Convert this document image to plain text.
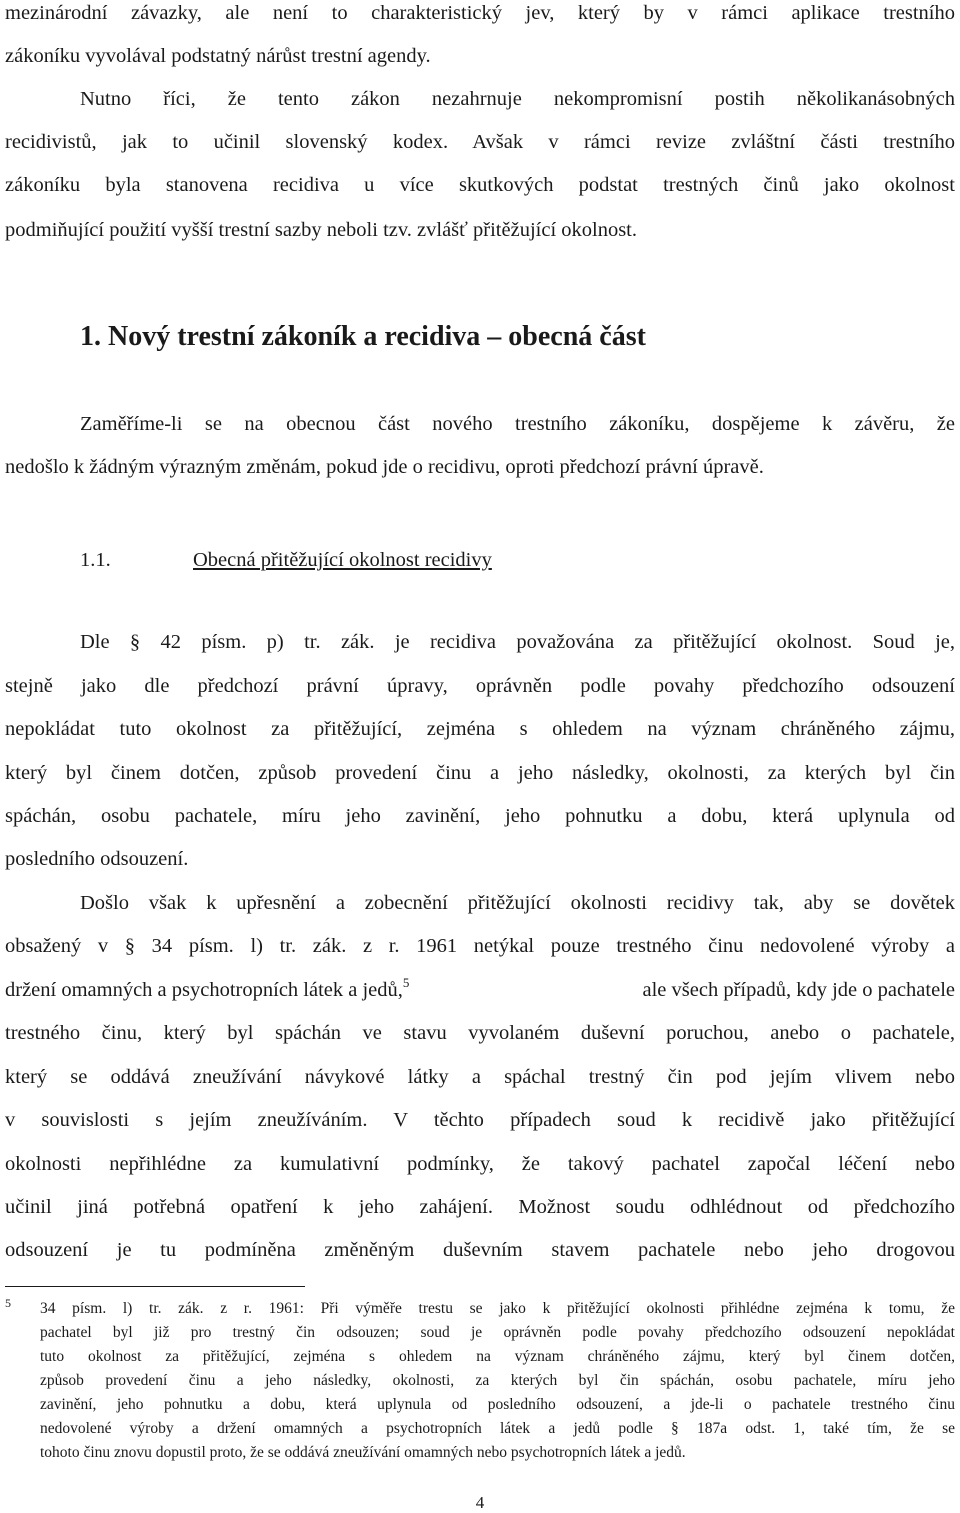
mezinárodní závazky, ale není to charakteristický jev, který by v rámci aplikace trestního
zákoníku vyvolával podstatný nárůst trestní agendy.
Nutno říci, že tento zákon nezahrnuje nekompromisní postih několikanásobných
recidivistů, jak to učinil slovenský kodex. Avšak v rámci revize zvláštní části trestního
zákoníku byla stanovena recidiva u více skutkových podstat trestných činů jako okolnost
podmiňující použití vyšší trestní sazby neboli tzv. zvlášť přitěžující okolnost.
1. Nový trestní zákoník a recidiva – obecná část
Zaměříme-li se na obecnou část nového trestního zákoníku, dospějeme k závěru, že
nedošlo k žádným výrazným změnám, pokud jde o recidivu, oproti předchozí právní úpravě.
1.1.	Obecná přitěžující okolnost recidivy
Dle § 42 písm. p) tr. zák. je recidiva považována za přitěžující okolnost. Soud je,
stejně jako dle předchozí právní úpravy, oprávněn podle povahy předchozího odsouzení
nepokládat tuto okolnost za přitěžující, zejména s ohledem na význam chráněného zájmu,
který byl činem dotčen, způsob provedení činu a jeho následky, okolnosti, za kterých byl čin
spáchán, osobu pachatele, míru jeho zavinění, jeho pohnutku a dobu, která uplynula od
posledního odsouzení.
Došlo však k upřesnění a zobecnění přitěžující okolnosti recidivy tak, aby se dovětek
obsažený v § 34 písm. l) tr. zák. z r. 1961 netýkal pouze trestného činu nedovolené výroby a
držení omamných a psychotropních látek a jedů,$^5$	ale všech případů, kdy jde o pachatele
trestného činu, který byl spáchán ve stavu vyvolaném duševní poruchou, anebo o pachatele,
který se oddává zneužívání návykové látky a spáchal trestný čin pod jejím vlivem nebo
v souvislosti s jejím zneužíváním. V těchto případech soud k recidivě jako přitěžující
okolnosti nepřihlédne za kumulativní podmínky, že takový pachatel započal léčení nebo
učinil jiná potřebná opatření k jeho zahájení. Možnost soudu odhlédnout od předchozího
odsouzení je tu podmíněna změněným duševním stavem pachatele nebo jeho drogovou
5 34 písm. l) tr. zák. z r. 1961: Při výměře trestu se jako k přitěžující okolnosti přihlédne zejména k tomu, že
pachatel byl již pro trestný čin odsouzen; soud je oprávněn podle povahy předchozího odsouzení nepokládat
tuto okolnost za přitěžující, zejména s ohledem na význam chráněného zájmu, který byl činem dotčen,
způsob provedení činu a jeho následky, okolnosti, za kterých byl čin spáchán, osobu pachatele, míru jeho
zavinění, jeho pohnutku a dobu, která uplynula od posledního odsouzení, a jde-li o pachatele trestného činu
nedovolené výroby a držení omamných a psychotropních látek a jedů podle § 187a odst. 1, také tím, že se
tohoto činu znovu dopustil proto, že se oddává zneužívání omamných nebo psychotropních látek a jedů.
4
